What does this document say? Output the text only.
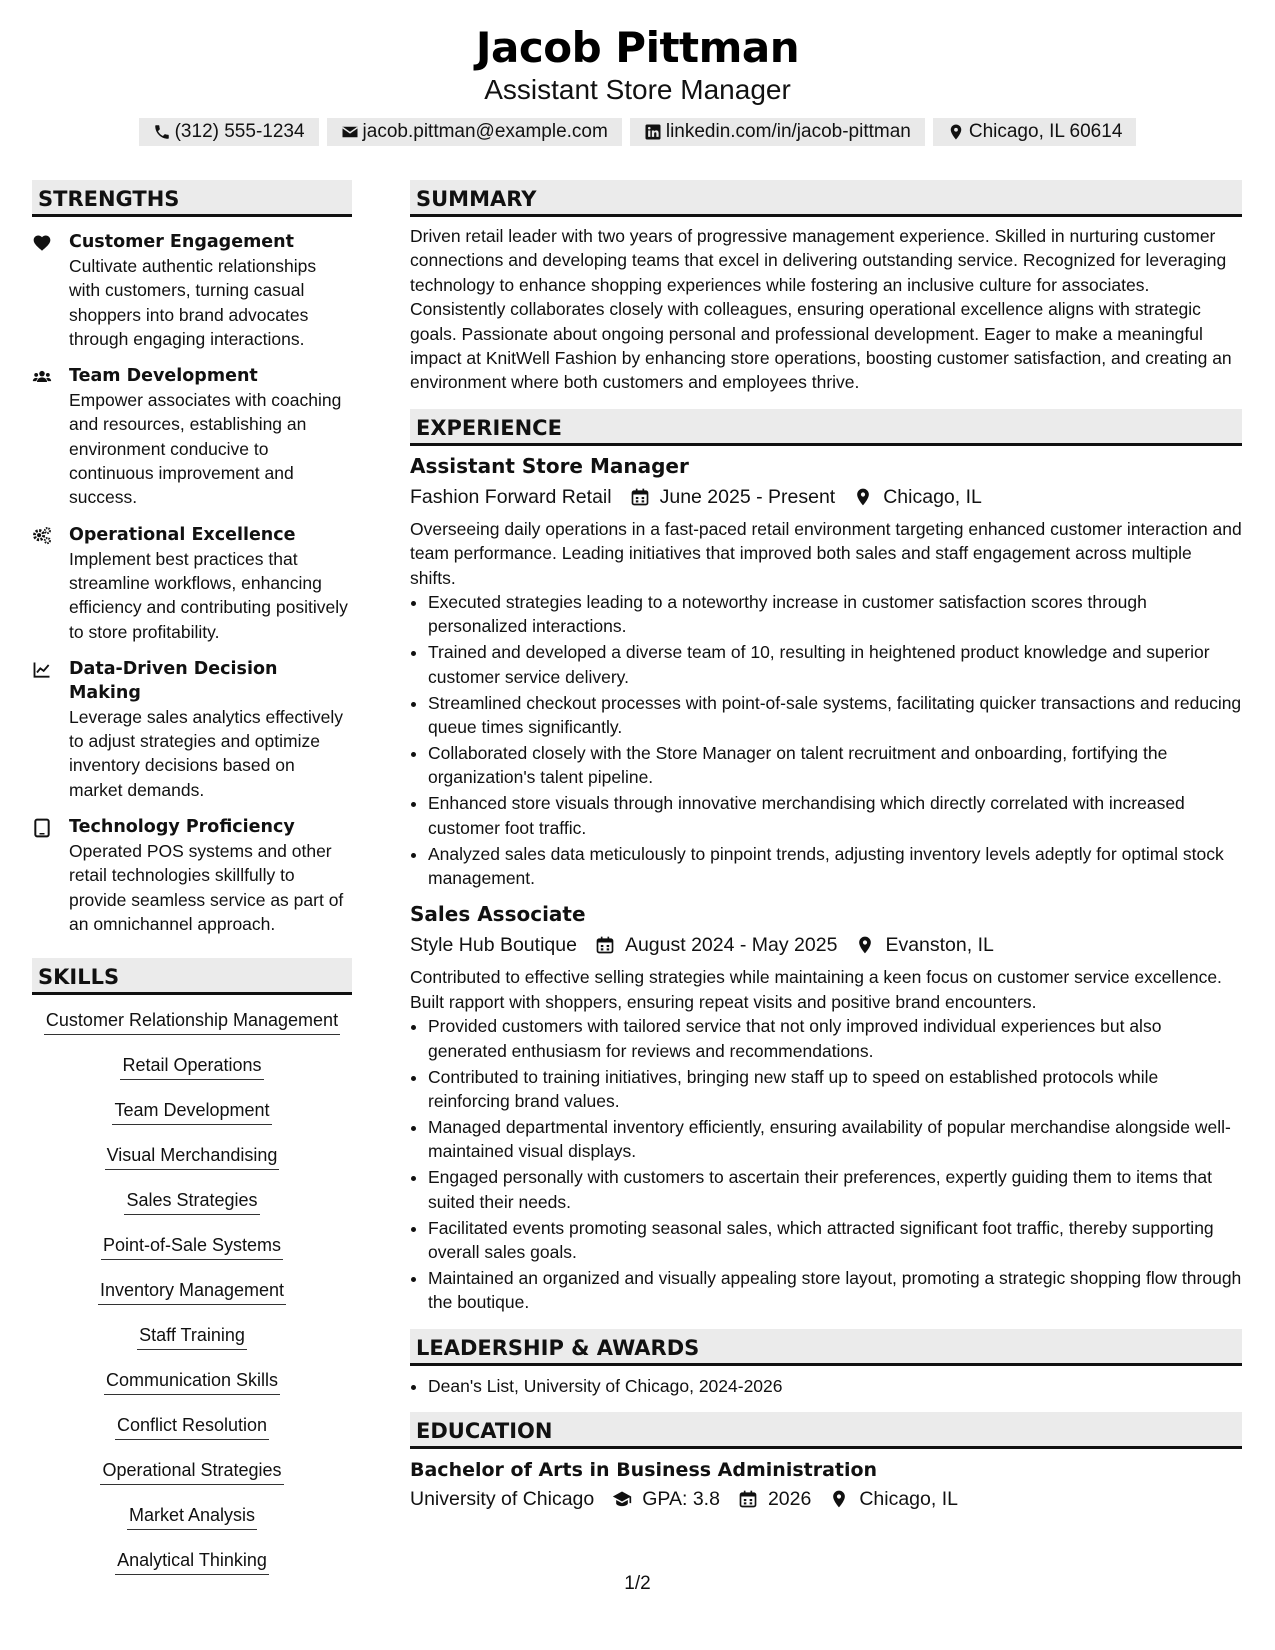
Jacob Pittman
Assistant Store Manager
(312) 555-1234	jacob.pittman@example.com	linkedin.com/in/jacob-pittman	Chicago, IL 60614
STRENGTHS
Customer Engagement
Cultivate authentic relationships with customers, turning casual shoppers into brand advocates through engaging interactions.
Team Development
Empower associates with coaching and resources, establishing an environment conducive to continuous improvement and success.
Operational Excellence
Implement best practices that streamline workflows, enhancing efficiency and contributing positively to store profitability.
Data-Driven Decision Making
Leverage sales analytics effectively to adjust strategies and optimize inventory decisions based on market demands.
Technology Proficiency
Operated POS systems and other retail technologies skillfully to provide seamless service as part of an omnichannel approach.
SKILLS
Customer Relationship Management
Retail Operations
Team Development
Visual Merchandising
Sales Strategies
Point-of-Sale Systems
Inventory Management
Staff Training
Communication Skills
Conflict Resolution
Operational Strategies
Market Analysis
Analytical Thinking
SUMMARY
Driven retail leader with two years of progressive management experience. Skilled in nurturing customer connections and developing teams that excel in delivering outstanding service. Recognized for leveraging technology to enhance shopping experiences while fostering an inclusive culture for associates. Consistently collaborates closely with colleagues, ensuring operational excellence aligns with strategic goals. Passionate about ongoing personal and professional development. Eager to make a meaningful impact at KnitWell Fashion by enhancing store operations, boosting customer satisfaction, and creating an environment where both customers and employees thrive.
EXPERIENCE
Assistant Store Manager
Fashion Forward Retail June 2025 - Present Chicago, IL
Overseeing daily operations in a fast-paced retail environment targeting enhanced customer interaction and team performance. Leading initiatives that improved both sales and staff engagement across multiple shifts.
• Executed strategies leading to a noteworthy increase in customer satisfaction scores through personalized interactions.
• Trained and developed a diverse team of 10, resulting in heightened product knowledge and superior customer service delivery.
• Streamlined checkout processes with point-of-sale systems, facilitating quicker transactions and reducing queue times significantly.
• Collaborated closely with the Store Manager on talent recruitment and onboarding, fortifying the organization's talent pipeline.
• Enhanced store visuals through innovative merchandising which directly correlated with increased customer foot traffic.
• Analyzed sales data meticulously to pinpoint trends, adjusting inventory levels adeptly for optimal stock management.
Sales Associate
Style Hub Boutique August 2024 - May 2025 Evanston, IL
Contributed to effective selling strategies while maintaining a keen focus on customer service excellence. Built rapport with shoppers, ensuring repeat visits and positive brand encounters.
• Provided customers with tailored service that not only improved individual experiences but also generated enthusiasm for reviews and recommendations.
• Contributed to training initiatives, bringing new staff up to speed on established protocols while reinforcing brand values.
• Managed departmental inventory efficiently, ensuring availability of popular merchandise alongside well-maintained visual displays.
• Engaged personally with customers to ascertain their preferences, expertly guiding them to items that suited their needs.
• Facilitated events promoting seasonal sales, which attracted significant foot traffic, thereby supporting overall sales goals.
• Maintained an organized and visually appealing store layout, promoting a strategic shopping flow through the boutique.
LEADERSHIP & AWARDS
• Dean's List, University of Chicago, 2024-2026
EDUCATION
Bachelor of Arts in Business Administration
University of Chicago GPA: 3.8 2026 Chicago, IL
1/2
